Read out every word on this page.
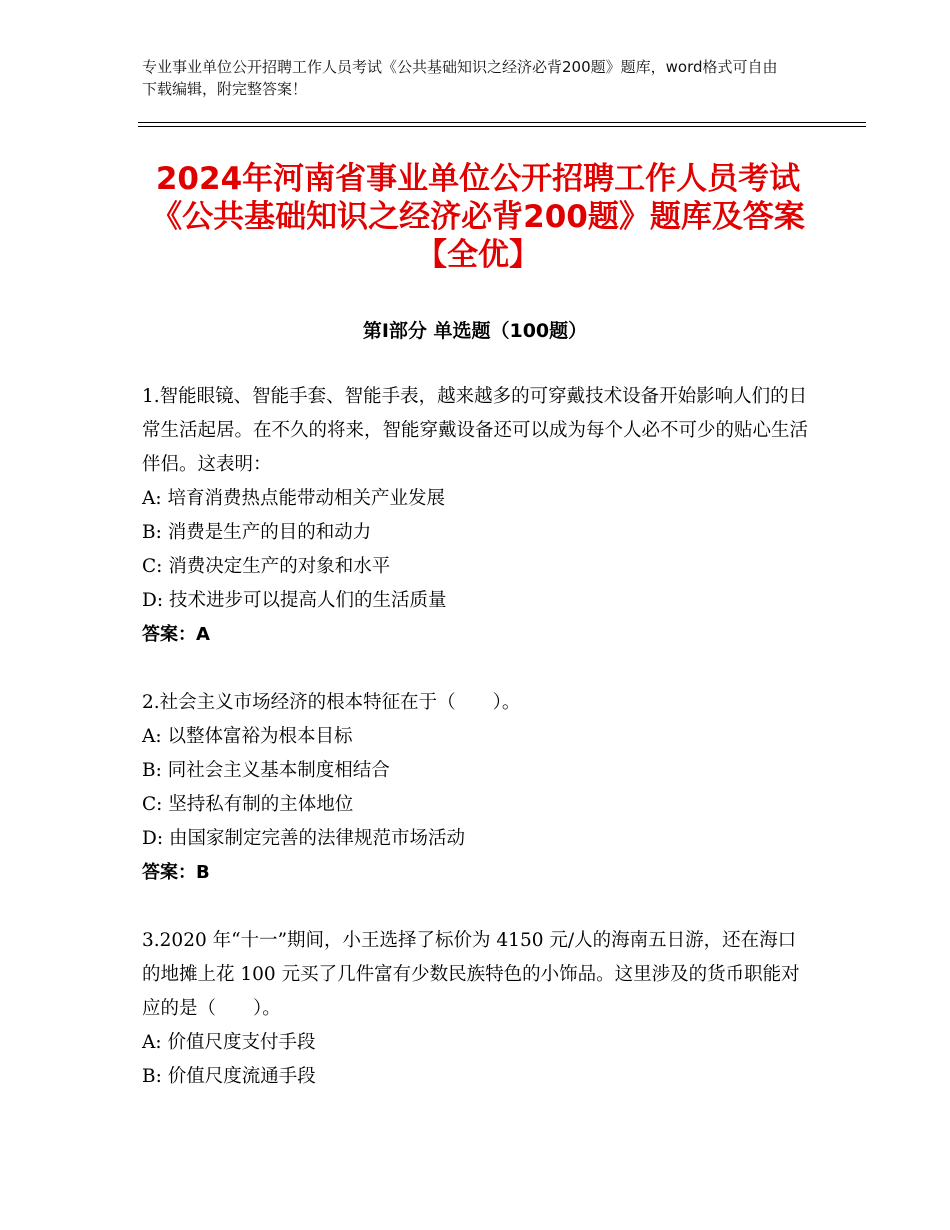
专业事业单位公开招聘工作人员考试《公共基础知识之经济必背200题》题库，word格式可自由下载编辑，附完整答案！
2024年河南省事业单位公开招聘工作人员考试《公共基础知识之经济必背200题》题库及答案【全优】
第Ⅰ部分 单选题（100题）
1.智能眼镜、智能手套、智能手表，越来越多的可穿戴技术设备开始影响人们的日常生活起居。在不久的将来，智能穿戴设备还可以成为每个人必不可少的贴心生活伴侣。这表明：
A: 培育消费热点能带动相关产业发展
B: 消费是生产的目的和动力
C: 消费决定生产的对象和水平
D: 技术进步可以提高人们的生活质量
答案：A
2.社会主义市场经济的根本特征在于（　　）。
A: 以整体富裕为根本目标
B: 同社会主义基本制度相结合
C: 坚持私有制的主体地位
D: 由国家制定完善的法律规范市场活动
答案：B
3.2020 年“十一”期间，小王选择了标价为 4150 元/人的海南五日游，还在海口的地摊上花 100 元买了几件富有少数民族特色的小饰品。这里涉及的货币职能对应的是（　　）。
A: 价值尺度支付手段
B: 价值尺度流通手段
